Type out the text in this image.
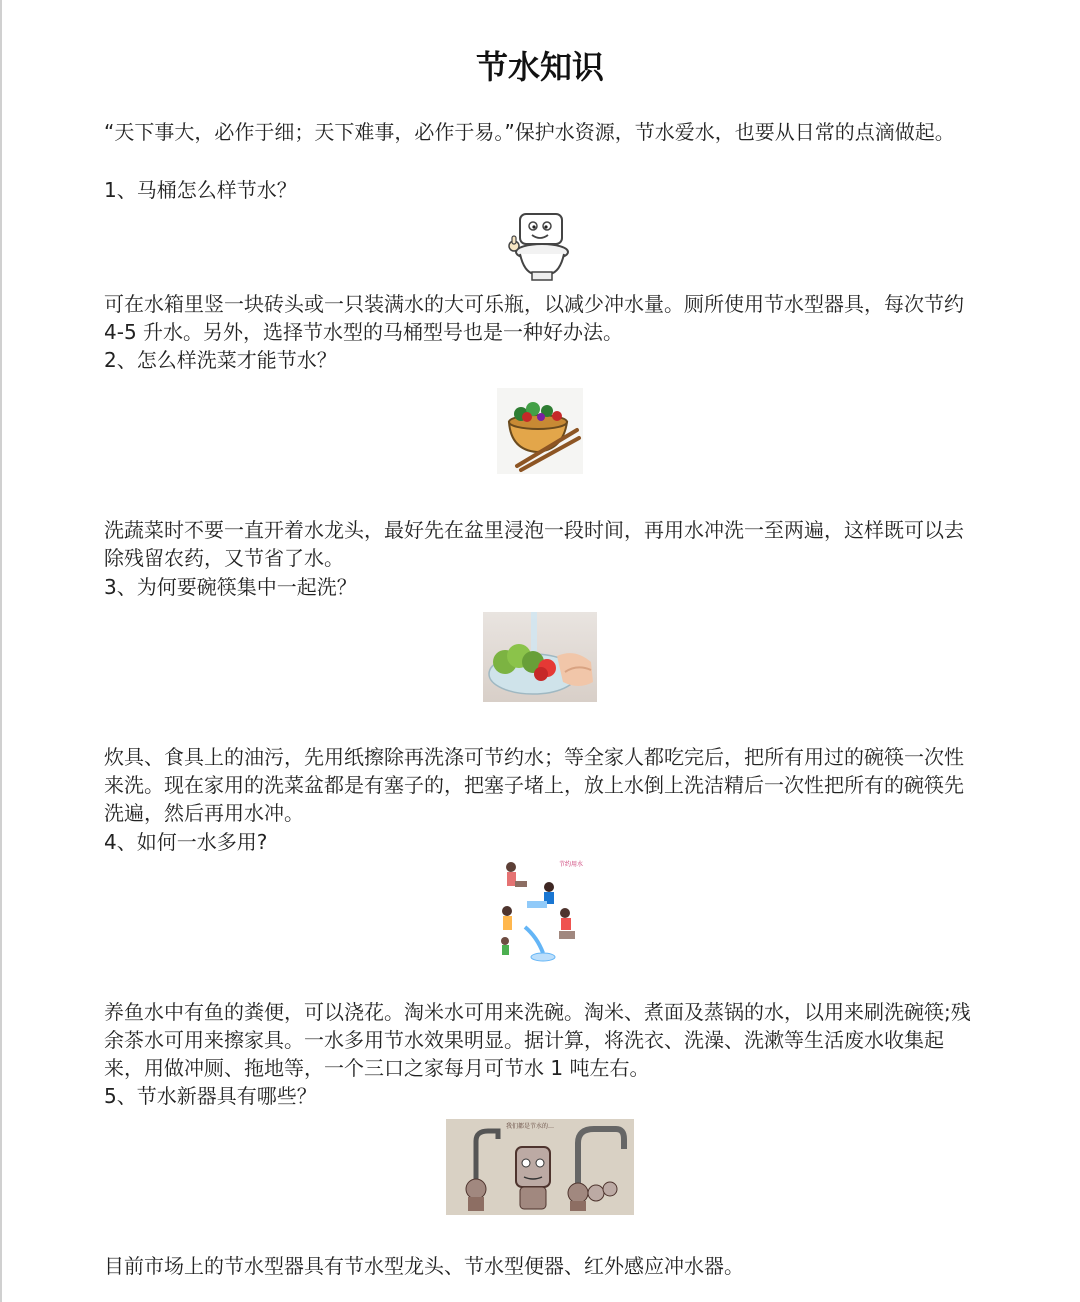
节水知识

“天下事大，必作于细；天下难事，必作于易。”保护水资源，节水爱水，也要从日常的点滴做起。

1、马桶怎么样节水？

可在水箱里竖一块砖头或一只装满水的大可乐瓶，以减少冲水量。厕所使用节水型器具，每次节约 4-5 升水。另外，选择节水型的马桶型号也是一种好办法。

2、怎么样洗菜才能节水？

洗蔬菜时不要一直开着水龙头，最好先在盆里浸泡一段时间，再用水冲洗一至两遍，这样既可以去除残留农药，又节省了水。

3、为何要碗筷集中一起洗？

炊具、食具上的油污，先用纸擦除再洗涤可节约水；等全家人都吃完后，把所有用过的碗筷一次性来洗。现在家用的洗菜盆都是有塞子的，把塞子堵上，放上水倒上洗洁精后一次性把所有的碗筷先洗遍，然后再用水冲。

4、如何一水多用?
节约用水

养鱼水中有鱼的粪便，可以浇花。淘米水可用来洗碗。淘米、煮面及蒸锅的水，以用来刷洗碗筷;残余茶水可用来擦家具。一水多用节水效果明显。据计算，将洗衣、洗澡、洗漱等生活废水收集起来，用做冲厕、拖地等，一个三口之家每月可节水 1 吨左右。

5、节水新器具有哪些？
我们都是节水的…

目前市场上的节水型器具有节水型龙头、节水型便器、红外感应冲水器。
